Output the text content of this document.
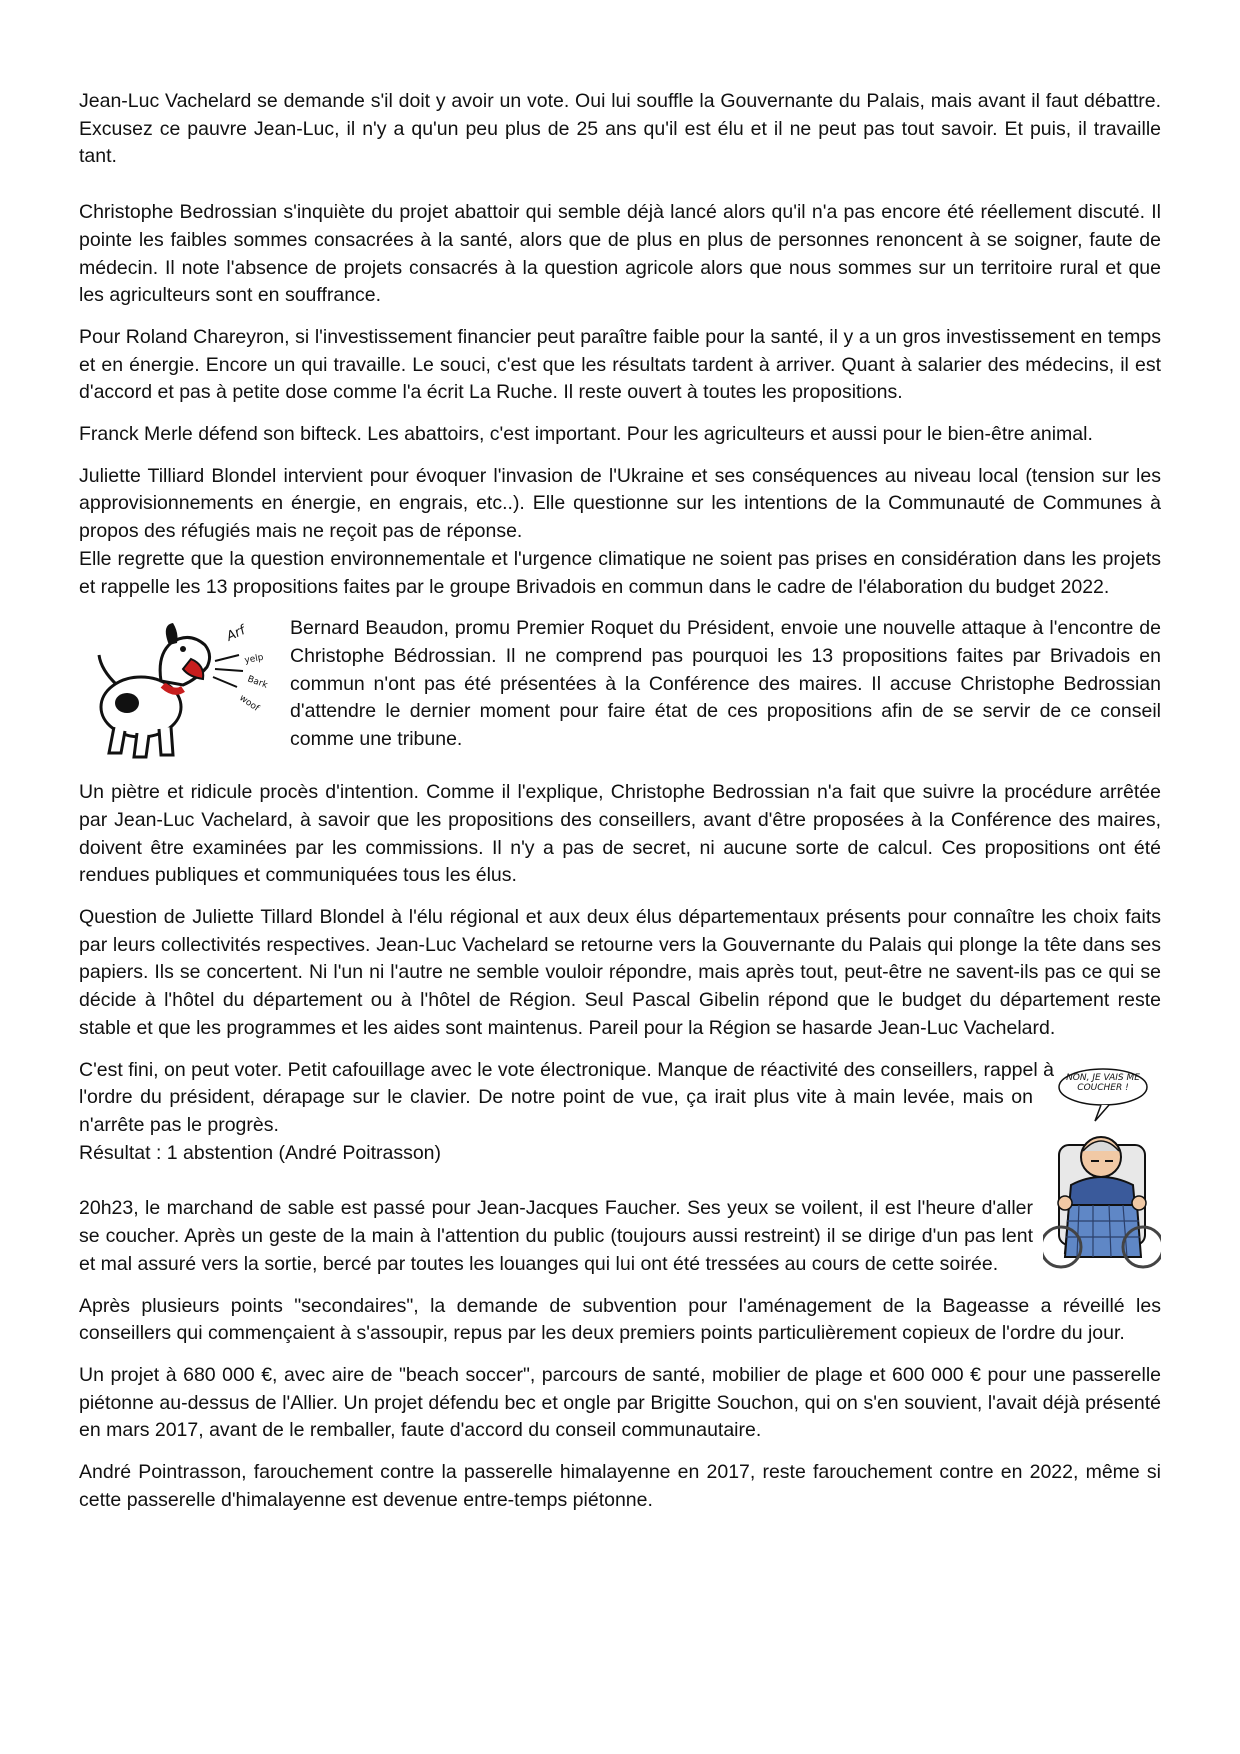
Jean-Luc Vachelard se demande s'il doit y avoir un vote. Oui lui souffle la Gouvernante du Palais, mais avant il faut débattre. Excusez ce pauvre Jean-Luc, il n'y a qu'un peu plus de 25 ans qu'il est élu et il ne peut pas tout savoir. Et puis, il travaille tant.

Christophe Bedrossian s'inquiète du projet abattoir qui semble déjà lancé alors qu'il n'a pas encore été réellement discuté. Il pointe les faibles sommes consacrées à la santé, alors que de plus en plus de personnes renoncent à se soigner, faute de médecin. Il note l'absence de projets consacrés à la question agricole alors que nous sommes sur un territoire rural et que les agriculteurs sont en souffrance.

Pour Roland Chareyron, si l'investissement financier peut paraître faible pour la santé, il y a un gros investissement en temps et en énergie. Encore un qui travaille. Le souci, c'est que les résultats tardent à arriver. Quant à salarier des médecins, il est d'accord et pas à petite dose comme l'a écrit La Ruche. Il reste ouvert à toutes les propositions.

Franck Merle défend son bifteck. Les abattoirs, c'est important. Pour les agriculteurs et aussi pour le bien-être animal.

Juliette Tilliard Blondel intervient pour évoquer l'invasion de l'Ukraine et ses conséquences au niveau local (tension sur les approvisionnements en énergie, en engrais, etc..). Elle questionne sur les intentions de la Communauté de Communes à propos des réfugiés mais ne reçoit pas de réponse.

Elle regrette que la question environnementale et l'urgence climatique ne soient pas prises en considération dans les projets et rappelle les 13 propositions faites par le groupe Brivadois en commun dans le cadre de l'élaboration du budget 2022.

Arf
yelp
Bark
woof

Bernard Beaudon, promu Premier Roquet du Président, envoie une nouvelle attaque à l'encontre de Christophe Bédrossian. Il ne comprend pas pourquoi les 13 propositions faites par Brivadois en commun n'ont pas été présentées à la Conférence des maires. Il accuse Christophe Bedrossian d'attendre le dernier moment pour faire état de ces propositions afin de se servir de ce conseil comme une tribune.

Un piètre et ridicule procès d'intention. Comme il l'explique, Christophe Bedrossian n'a fait que suivre la procédure arrêtée par Jean-Luc Vachelard, à savoir que les propositions des conseillers, avant d'être proposées à la Conférence des maires, doivent être examinées par les commissions. Il n'y a pas de secret, ni aucune sorte de calcul. Ces propositions ont été rendues publiques et communiquées tous les élus.

Question de Juliette Tillard Blondel à l'élu régional et aux deux élus départementaux présents pour connaître les choix faits par leurs collectivités respectives. Jean-Luc Vachelard se retourne vers la Gouvernante du Palais qui plonge la tête dans ses papiers. Ils se concertent. Ni l'un ni l'autre ne semble vouloir répondre, mais après tout, peut-être ne savent-ils pas ce qui se décide à l'hôtel du département ou à l'hôtel de Région. Seul Pascal Gibelin répond que le budget du département reste stable et que les programmes et les aides sont maintenus. Pareil pour la Région se hasarde Jean-Luc Vachelard.

NON, JE VAIS ME COUCHER !

C'est fini, on peut voter. Petit cafouillage avec le vote électronique. Manque de réactivité des conseillers, rappel à

l'ordre du président, dérapage sur le clavier. De notre point de vue, ça irait plus vite à main levée, mais on n'arrête pas le progrès.

Résultat : 1 abstention (André Poitrasson)

20h23, le marchand de sable est passé pour Jean-Jacques Faucher. Ses yeux se voilent, il est l'heure d'aller se coucher. Après un geste de la main à l'attention du public (toujours aussi restreint) il se dirige d'un pas lent et mal assuré vers la sortie, bercé par toutes les louanges qui lui ont été tressées au cours de cette soirée.

Après plusieurs points "secondaires", la demande de subvention pour l'aménagement de la Bageasse a réveillé les conseillers qui commençaient à s'assoupir, repus par les deux premiers points particulièrement copieux de l'ordre du jour.

Un projet à 680 000 €, avec aire de "beach soccer", parcours de santé, mobilier de plage et 600 000 € pour une passerelle piétonne au-dessus de l'Allier. Un projet défendu bec et ongle par Brigitte Souchon, qui on s'en souvient, l'avait déjà présenté en mars 2017, avant de le remballer, faute d'accord du conseil communautaire.

André Pointrasson, farouchement contre la passerelle himalayenne en 2017, reste farouchement contre en 2022, même si cette passerelle d'himalayenne est devenue entre-temps piétonne.
